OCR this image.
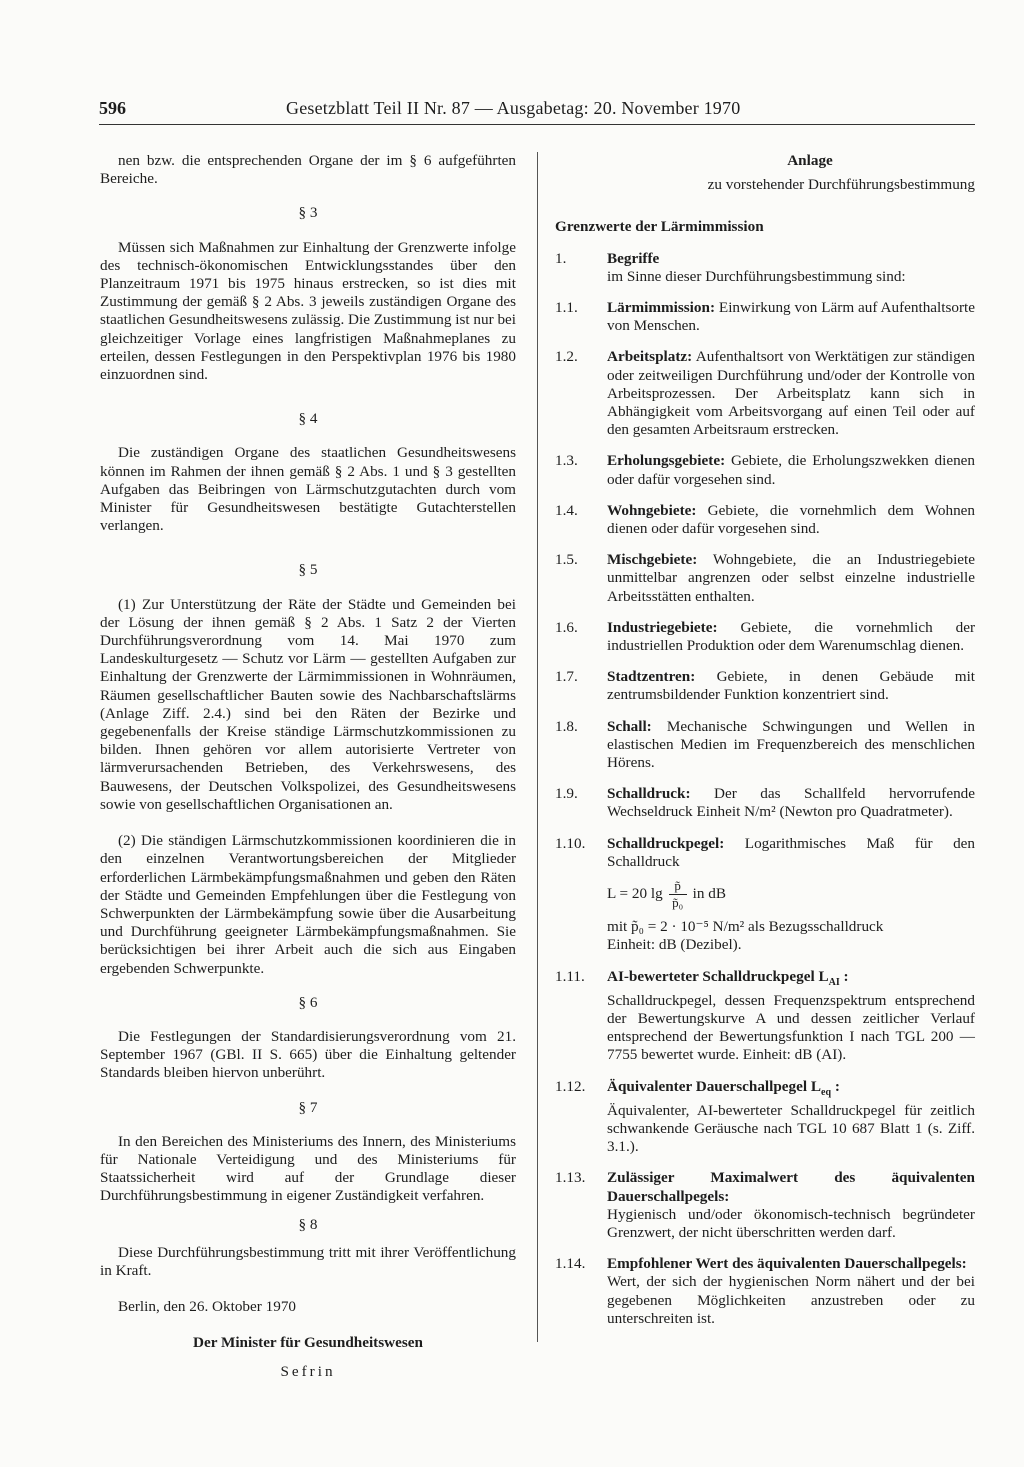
596	Gesetzblatt Teil II Nr. 87 — Ausgabetag: 20. November 1970

nen bzw. die entsprechenden Organe der im § 6 aufgeführten Bereiche.

§ 3

Müssen sich Maßnahmen zur Einhaltung der Grenzwerte infolge des technisch-ökonomischen Entwicklungsstandes über den Planzeitraum 1971 bis 1975 hinaus erstrecken, so ist dies mit Zustimmung der gemäß § 2 Abs. 3 jeweils zuständigen Organe des staatlichen Gesundheitswesens zulässig. Die Zustimmung ist nur bei gleichzeitiger Vorlage eines langfristigen Maßnahmeplanes zu erteilen, dessen Festlegungen in den Perspektivplan 1976 bis 1980 einzuordnen sind.

§ 4

Die zuständigen Organe des staatlichen Gesundheitswesens können im Rahmen der ihnen gemäß § 2 Abs. 1 und § 3 gestellten Aufgaben das Beibringen von Lärmschutzgutachten durch vom Minister für Gesundheitswesen bestätigte Gutachterstellen verlangen.

§ 5

(1) Zur Unterstützung der Räte der Städte und Gemeinden bei der Lösung der ihnen gemäß § 2 Abs. 1 Satz 2 der Vierten Durchführungsverordnung vom 14. Mai 1970 zum Landeskulturgesetz — Schutz vor Lärm — gestellten Aufgaben zur Einhaltung der Grenzwerte der Lärmimmissionen in Wohnräumen, Räumen gesellschaftlicher Bauten sowie des Nachbarschaftslärms (Anlage Ziff. 2.4.) sind bei den Räten der Bezirke und gegebenenfalls der Kreise ständige Lärmschutzkommissionen zu bilden. Ihnen gehören vor allem autorisierte Vertreter von lärmverursachenden Betrieben, des Verkehrswesens, des Bauwesens, der Deutschen Volkspolizei, des Gesundheitswesens sowie von gesellschaftlichen Organisationen an.

(2) Die ständigen Lärmschutzkommissionen koordinieren die in den einzelnen Verantwortungsbereichen der Mitglieder erforderlichen Lärmbekämpfungsmaßnahmen und geben den Räten der Städte und Gemeinden Empfehlungen über die Festlegung von Schwerpunkten der Lärmbekämpfung sowie über die Ausarbeitung und Durchführung geeigneter Lärmbekämpfungsmaßnahmen. Sie berücksichtigen bei ihrer Arbeit auch die sich aus Eingaben ergebenden Schwerpunkte.

§ 6

Die Festlegungen der Standardisierungsverordnung vom 21. September 1967 (GBl. II S. 665) über die Einhaltung geltender Standards bleiben hiervon unberührt.

§ 7

In den Bereichen des Ministeriums des Innern, des Ministeriums für Nationale Verteidigung und des Ministeriums für Staatssicherheit wird auf der Grundlage dieser Durchführungsbestimmung in eigener Zuständigkeit verfahren.

§ 8

Diese Durchführungsbestimmung tritt mit ihrer Veröffentlichung in Kraft.

Berlin, den 26. Oktober 1970

Der Minister für Gesundheitswesen
Sefrin
Anlage
zu vorstehender Durchführungsbestimmung
Grenzwerte der Lärmimmission
1.	Begriffe
im Sinne dieser Durchführungsbestimmung sind:
1.1.	Lärmimmission: Einwirkung von Lärm auf Aufenthaltsorte von Menschen.
1.2.	Arbeitsplatz: Aufenthaltsort von Werktätigen zur ständigen oder zeitweiligen Durchführung und/oder der Kontrolle von Arbeitsprozessen. Der Arbeitsplatz kann sich in Abhängigkeit vom Arbeitsvorgang auf einen Teil oder auf den gesamten Arbeitsraum erstrecken.
1.3.	Erholungsgebiete: Gebiete, die Erholungszwekken dienen oder dafür vorgesehen sind.
1.4.	Wohngebiete: Gebiete, die vornehmlich dem Wohnen dienen oder dafür vorgesehen sind.
1.5.	Mischgebiete: Wohngebiete, die an Industriegebiete unmittelbar angrenzen oder selbst einzelne industrielle Arbeitsstätten enthalten.
1.6.	Industriegebiete: Gebiete, die vornehmlich der industriellen Produktion oder dem Warenumschlag dienen.
1.7.	Stadtzentren: Gebiete, in denen Gebäude mit zentrumsbildender Funktion konzentriert sind.
1.8.	Schall: Mechanische Schwingungen und Wellen in elastischen Medien im Frequenzbereich des menschlichen Hörens.
1.9.	Schalldruck: Der das Schallfeld hervorrufende Wechseldruck Einheit N/m² (Newton pro Quadratmeter).
1.10.	Schalldruckpegel: Logarithmisches Maß für den Schalldruck
L = 20 $\lg \frac{p̃}{\text{p̃₀}}$ in dB
mit p̃₀ = 2 · 10⁻⁵ N/m² als Bezugsschalldruck
Einheit: dB (Dezibel).
1.11.	AI-bewerteter Schalldruckpegel $L_{AI}$ :
Schalldruckpegel, dessen Frequenzspektrum entsprechend der Bewertungskurve A und dessen zeitlicher Verlauf entsprechend der Bewertungsfunktion I nach TGL 200 — 7755 bewertet wurde. Einheit: dB (AI).
1.12.	Äquivalenter Dauerschallpegel $L_{eq}$ :
Äquivalenter, AI-bewerteter Schalldruckpegel für zeitlich schwankende Geräusche nach TGL 10 687 Blatt 1 (s. Ziff. 3.1.).
1.13.	Zulässiger Maximalwert des äquivalenten Dauerschallpegels:
Hygienisch und/oder ökonomisch-technisch begründeter Grenzwert, der nicht überschritten werden darf.
1.14.	Empfohlener Wert des äquivalenten Dauerschallpegels:
Wert, der sich der hygienischen Norm nähert und der bei gegebenen Möglichkeiten anzustreben oder zu unterschreiten ist.
